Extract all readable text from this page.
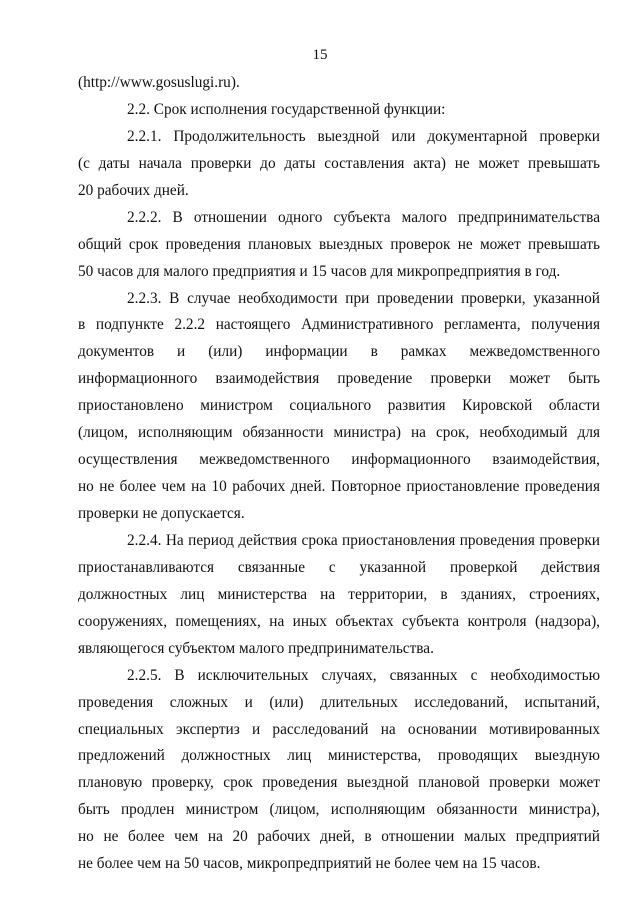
15
(http://www.gosuslugi.ru).
2.2. Срок исполнения государственной функции:
2.2.1. Продолжительность выездной или документарной проверки
(с даты начала проверки до даты составления акта) не может превышать
20 рабочих дней.
2.2.2. В отношении одного субъекта малого предпринимательства
общий срок проведения плановых выездных проверок не может превышать
50 часов для малого предприятия и 15 часов для микропредприятия в год.
2.2.3. В случае необходимости при проведении проверки, указанной
в подпункте 2.2.2 настоящего Административного регламента, получения
документов и (или) информации в рамках межведомственного
информационного взаимодействия проведение проверки может быть
приостановлено министром социального развития Кировской области
(лицом, исполняющим обязанности министра) на срок, необходимый для
осуществления межведомственного информационного взаимодействия,
но не более чем на 10 рабочих дней. Повторное приостановление проведения
проверки не допускается.
2.2.4. На период действия срока приостановления проведения проверки
приостанавливаются связанные с указанной проверкой действия
должностных лиц министерства на территории, в зданиях, строениях,
сооружениях, помещениях, на иных объектах субъекта контроля (надзора),
являющегося субъектом малого предпринимательства.
2.2.5. В исключительных случаях, связанных с необходимостью
проведения сложных и (или) длительных исследований, испытаний,
специальных экспертиз и расследований на основании мотивированных
предложений должностных лиц министерства, проводящих выездную
плановую проверку, срок проведения выездной плановой проверки может
быть продлен министром (лицом, исполняющим обязанности министра),
но не более чем на 20 рабочих дней, в отношении малых предприятий
не более чем на 50 часов, микропредприятий не более чем на 15 часов.
